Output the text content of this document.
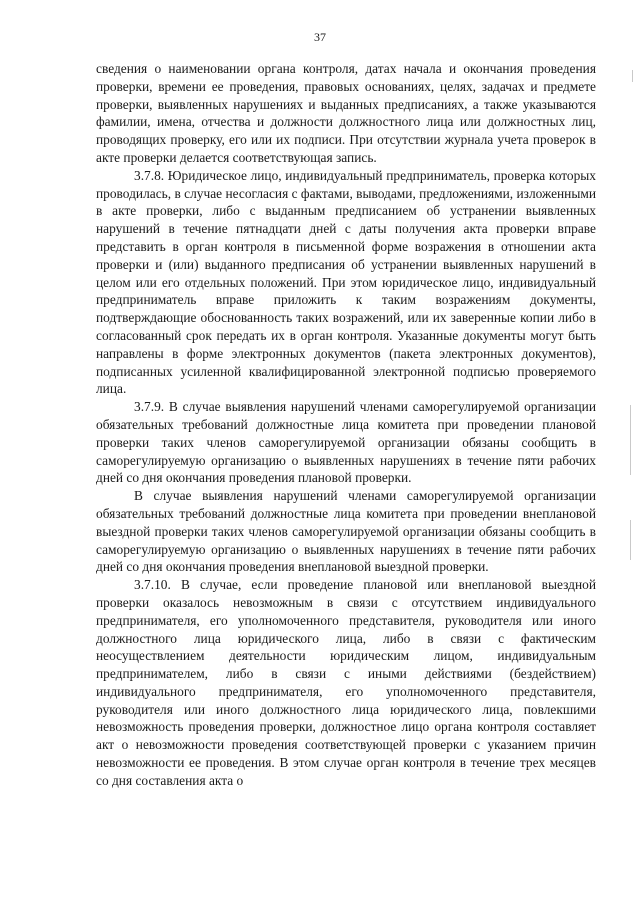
37

сведения о наименовании органа контроля, датах начала и окончания проведения проверки, времени ее проведения, правовых основаниях, целях, задачах и предмете проверки, выявленных нарушениях и выданных предписаниях, а также указываются фамилии, имена, отчества и должности должностного лица или должностных лиц, проводящих проверку, его или их подписи. При отсутствии журнала учета проверок в акте проверки делается соответствующая запись.

3.7.8. Юридическое лицо, индивидуальный предприниматель, проверка которых проводилась, в случае несогласия с фактами, выводами, предложениями, изложенными в акте проверки, либо с выданным предписанием об устранении выявленных нарушений в течение пятнадцати дней с даты получения акта проверки вправе представить в орган контроля в письменной форме возражения в отношении акта проверки и (или) выданного предписания об устранении выявленных нарушений в целом или его отдельных положений. При этом юридическое лицо, индивидуальный предприниматель вправе приложить к таким возражениям документы, подтверждающие обоснованность таких возражений, или их заверенные копии либо в согласованный срок передать их в орган контроля. Указанные документы могут быть направлены в форме электронных документов (пакета электронных документов), подписанных усиленной квалифицированной электронной подписью проверяемого лица.

3.7.9. В случае выявления нарушений членами саморегулируемой организации обязательных требований должностные лица комитета при проведении плановой проверки таких членов саморегулируемой организации обязаны сообщить в саморегулируемую организацию о выявленных нарушениях в течение пяти рабочих дней со дня окончания проведения плановой проверки.

В случае выявления нарушений членами саморегулируемой организации обязательных требований должностные лица комитета при проведении внеплановой выездной проверки таких членов саморегулируемой организации обязаны сообщить в саморегулируемую организацию о выявленных нарушениях в течение пяти рабочих дней со дня окончания проведения внеплановой выездной проверки.

3.7.10. В случае, если проведение плановой или внеплановой выездной проверки оказалось невозможным в связи с отсутствием индивидуального предпринимателя, его уполномоченного представителя, руководителя или иного должностного лица юридического лица, либо в связи с фактическим неосуществлением деятельности юридическим лицом, индивидуальным предпринимателем, либо в связи с иными действиями (бездействием) индивидуального предпринимателя, его уполномоченного представителя, руководителя или иного должностного лица юридического лица, повлекшими невозможность проведения проверки, должностное лицо органа контроля составляет акт о невозможности проведения соответствующей проверки с указанием причин невозможности ее проведения. В этом случае орган контроля в течение трех месяцев со дня составления акта о
